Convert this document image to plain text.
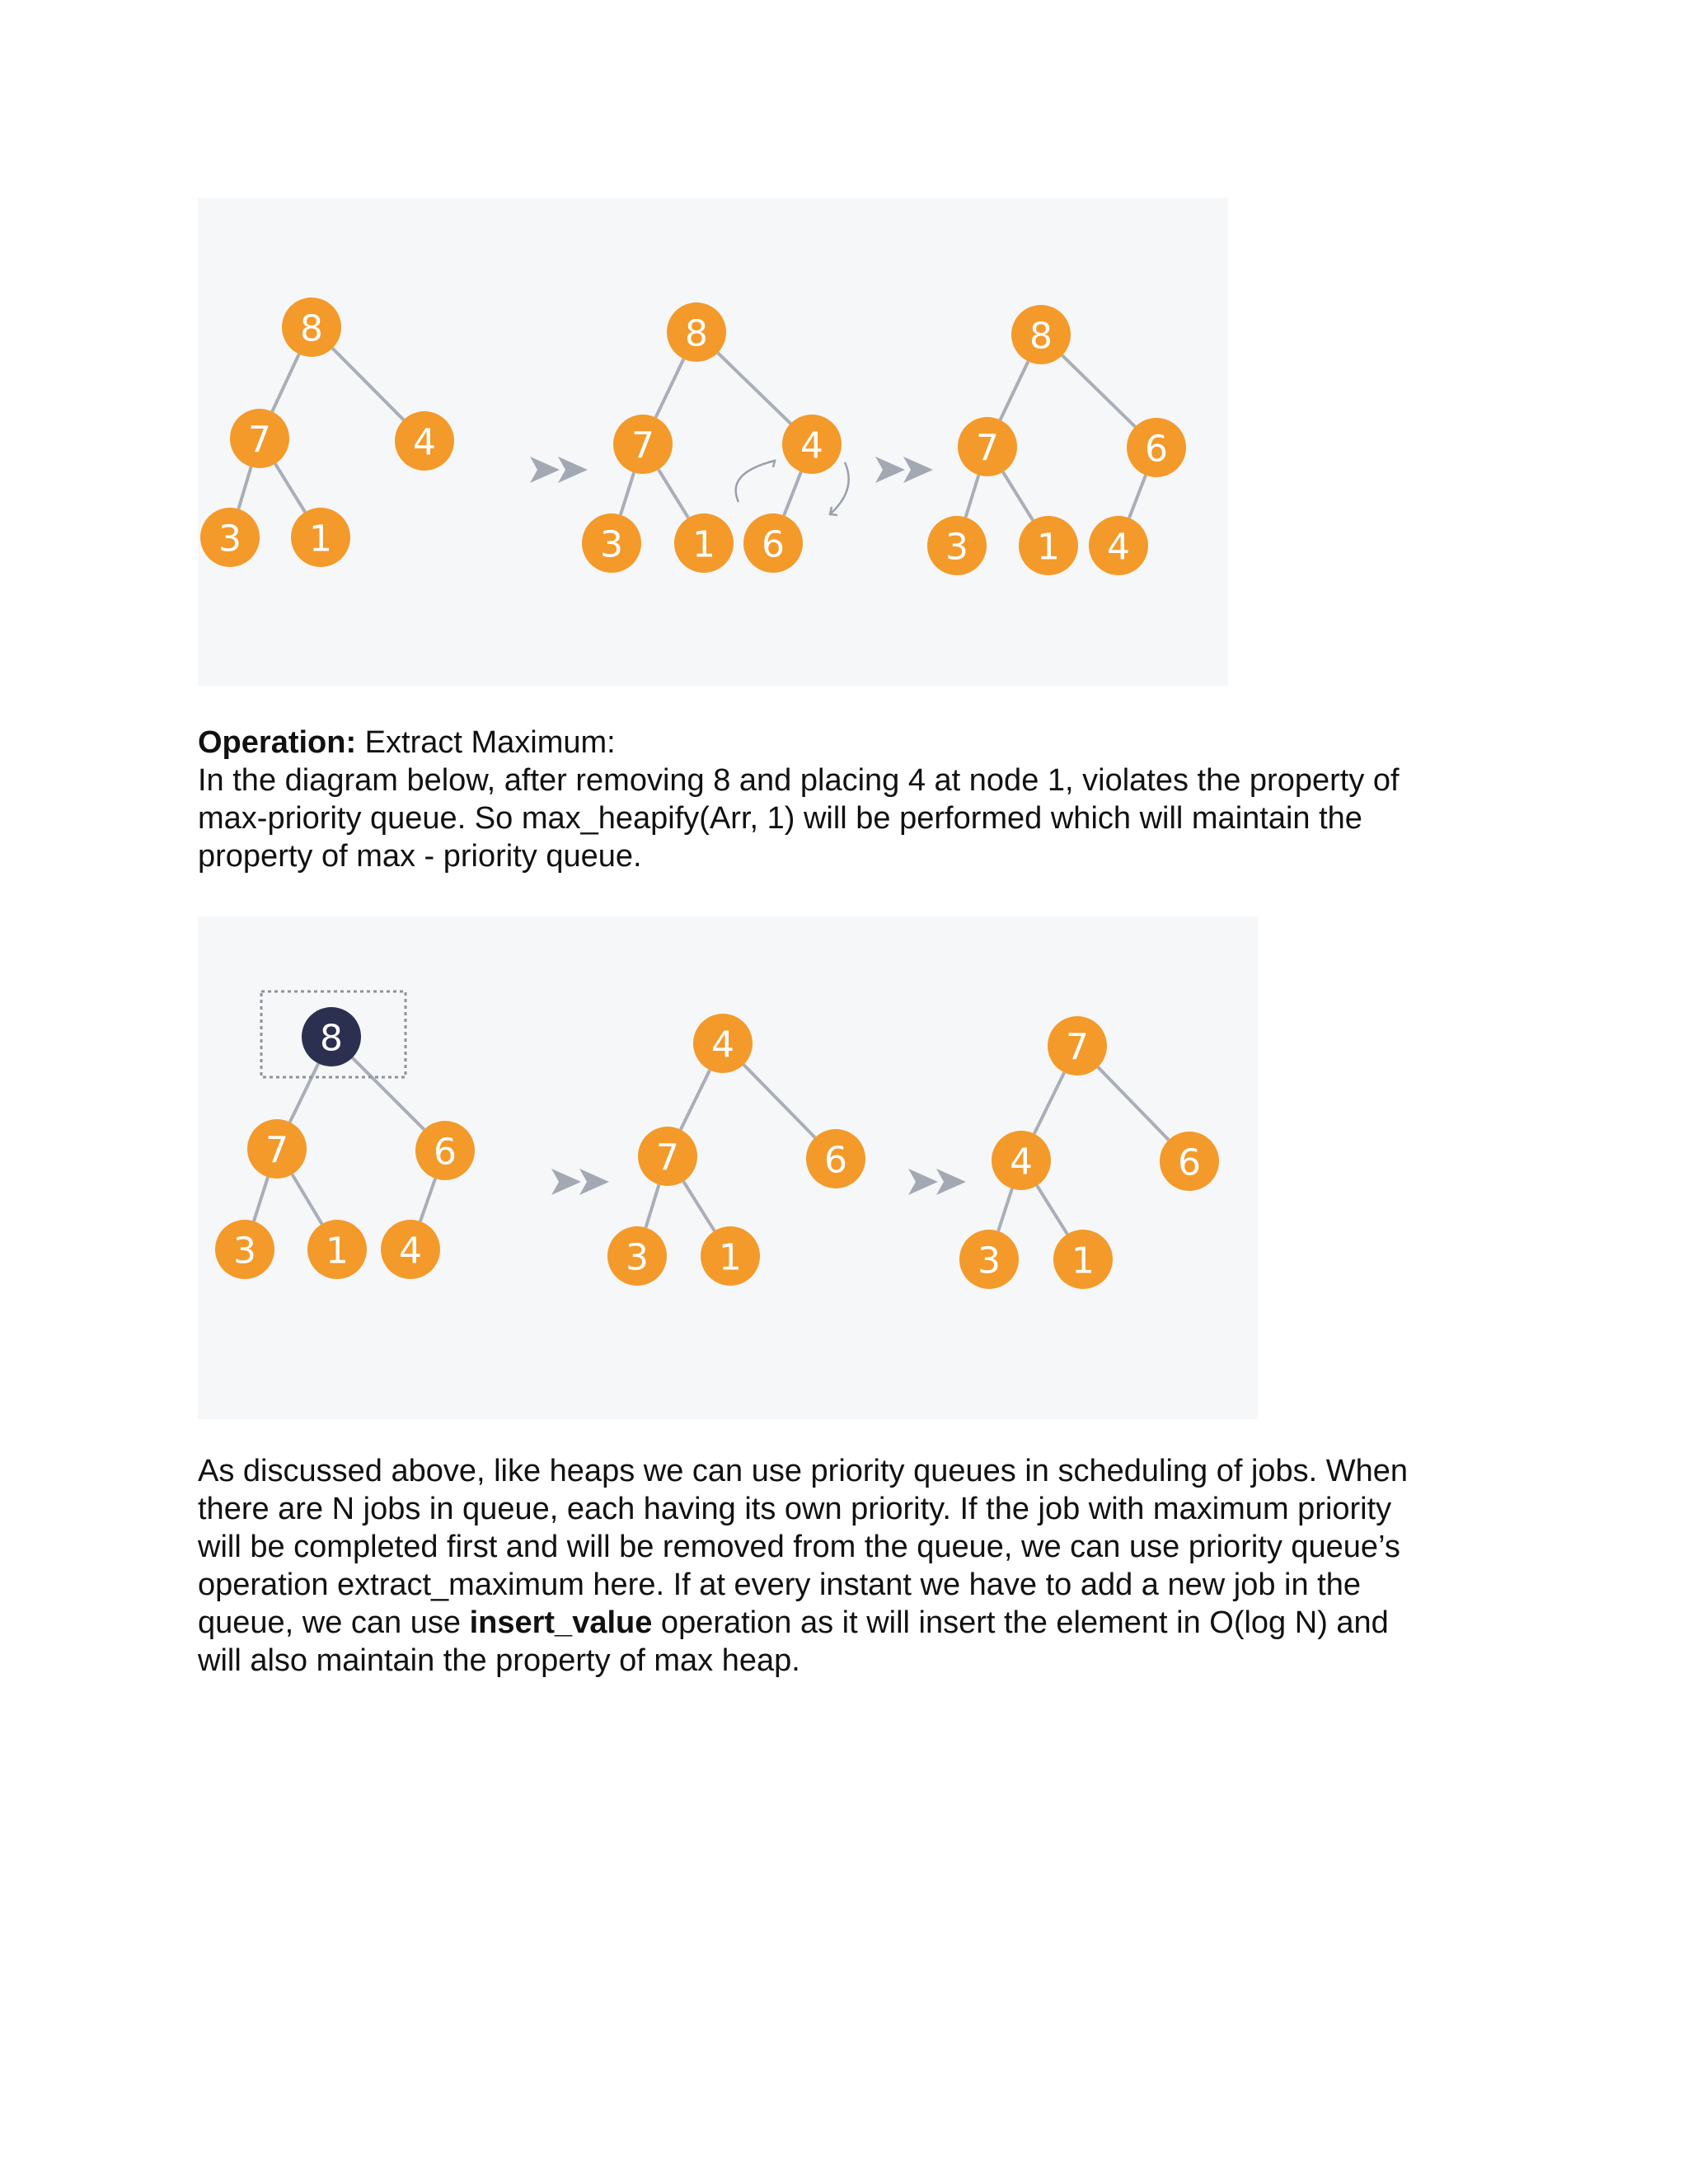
8
7	4
3 1
8
7	4
3 1 6
8
7	6
3 1 4
Operation: Extract Maximum:
In the diagram below, after removing 8 and placing 4 at node 1, violates the property of
max-priority queue. So max_heapify(Arr, 1) will be performed which will maintain the
property of max - priority queue.
8
7	6
3 1 4
4
7	6
3 1
7
4	6
3 1
As discussed above, like heaps we can use priority queues in scheduling of jobs. When
there are N jobs in queue, each having its own priority. If the job with maximum priority
will be completed first and will be removed from the queue, we can use priority queue’s
operation extract_maximum here. If at every instant we have to add a new job in the
queue, we can use insert_value operation as it will insert the element in O(log N) and
will also maintain the property of max heap.
